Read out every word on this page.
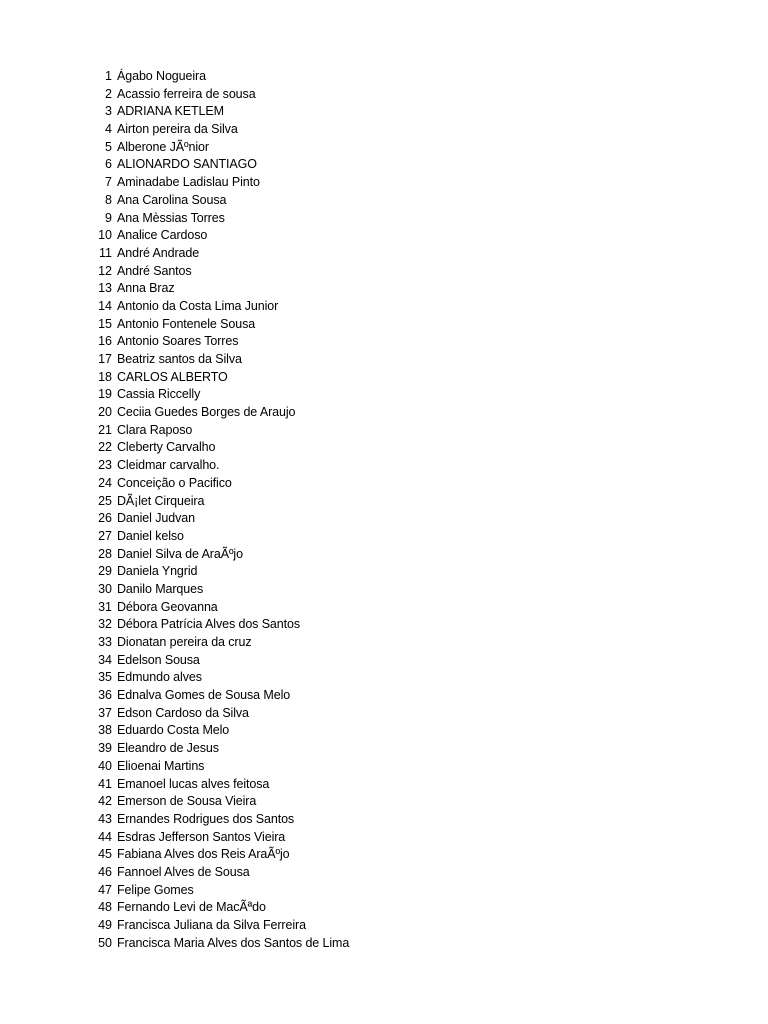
1 Ágabo Nogueira
2 Acassio ferreira de sousa
3 ADRIANA KETLEM
4 Airton pereira da Silva
5 Alberone JÃºnior
6 ALIONARDO SANTIAGO
7 Aminadabe Ladislau Pinto
8 Ana Carolina Sousa
9 Ana Mèssias Torres
10 Analice Cardoso
11 André Andrade
12 André Santos
13 Anna Braz
14 Antonio da Costa Lima Junior
15 Antonio Fontenele Sousa
16 Antonio Soares Torres
17 Beatriz santos da Silva
18 CARLOS ALBERTO
19 Cassia Riccelly
20 Ceciia Guedes Borges de Araujo
21 Clara Raposo
22 Cleberty Carvalho
23 Cleidmar carvalho.
24 Conceição o Pacifico
25 DÃ¡let Cirqueira
26 Daniel Judvan
27 Daniel kelso
28 Daniel Silva de AraÃºjo
29 Daniela Yngrid
30 Danilo Marques
31 Débora Geovanna
32 Débora Patrícia Alves dos Santos
33 Dionatan pereira da cruz
34 Edelson Sousa
35 Edmundo alves
36 Ednalva Gomes de Sousa Melo
37 Edson Cardoso da Silva
38 Eduardo Costa Melo
39 Eleandro de Jesus
40 Elioenai Martins
41 Emanoel lucas alves feitosa
42 Emerson de Sousa Vieira
43 Ernandes Rodrigues dos Santos
44 Esdras Jefferson Santos Vieira
45 Fabiana Alves dos Reis AraÃºjo
46 Fannoel Alves de Sousa
47 Felipe Gomes
48 Fernando Levi de MacÃªdo
49 Francisca Juliana da Silva Ferreira
50 Francisca Maria Alves dos Santos de Lima
